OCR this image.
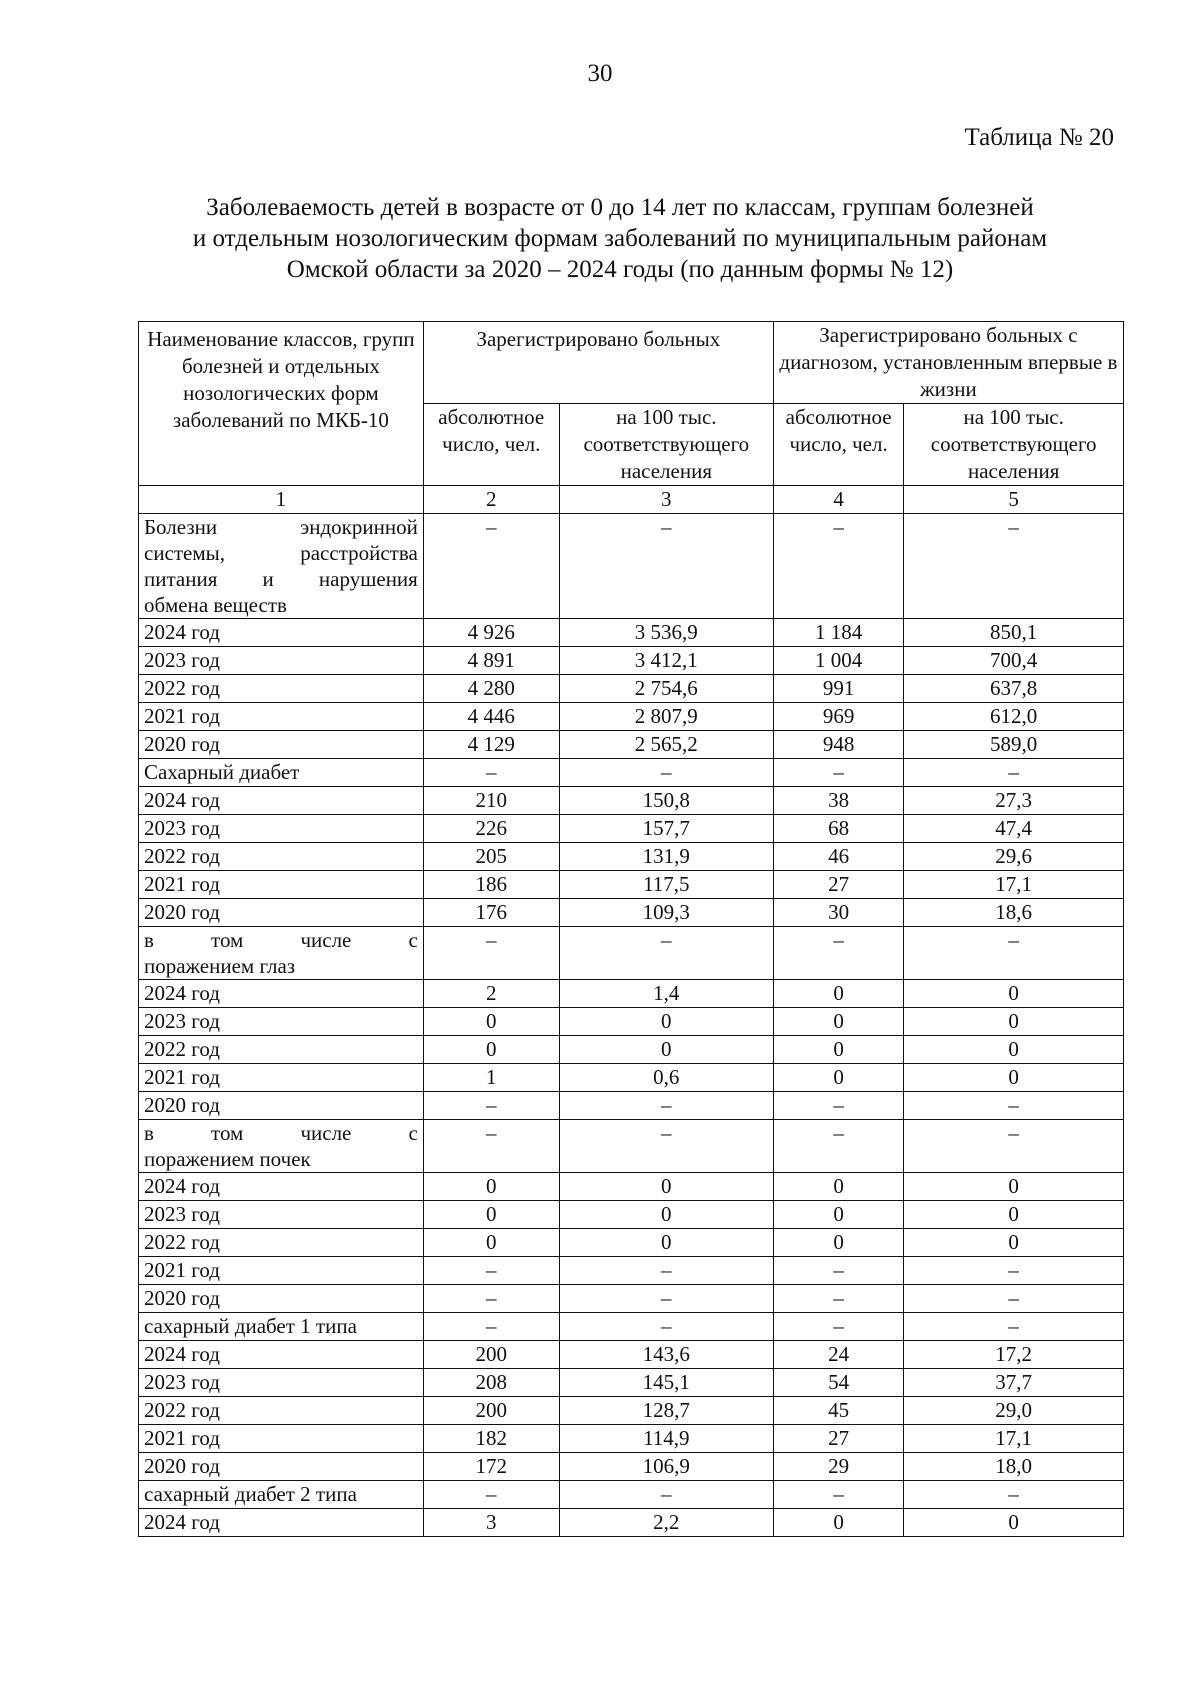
30
Таблица № 20
Заболеваемость детей в возрасте от 0 до 14 лет по классам, группам болезней
и отдельным нозологическим формам заболеваний по муниципальным районам
Омской области за 2020 – 2024 годы (по данным формы № 12)
Наименование классов, групп болезней и отдельных нозологических форм заболеваний по МКБ-10	Зарегистрировано больных		Зарегистрировано больных с диагнозом, установленным впервые в жизни	
	абсолютное число, чел.	на 100 тыс. соответствующего населения	абсолютное число, чел.	на 100 тыс. соответствующего населения
1	2	3	4	5
Болезни эндокринной системы, расстройства питания и нарушения
обмена веществ	–	–	–	–
2024 год	4 926	3 536,9	1 184	850,1
2023 год	4 891	3 412,1	1 004	700,4
2022 год	4 280	2 754,6	991	637,8
2021 год	4 446	2 807,9	969	612,0
2020 год	4 129	2 565,2	948	589,0
Сахарный диабет	–	–	–	–
2024 год	210	150,8	38	27,3
2023 год	226	157,7	68	47,4
2022 год	205	131,9	46	29,6
2021 год	186	117,5	27	17,1
2020 год	176	109,3	30	18,6
в том числе с
поражением глаз	–	–	–	–
2024 год	2	1,4	0	0
2023 год	0	0	0	0
2022 год	0	0	0	0
2021 год	1	0,6	0	0
2020 год	–	–	–	–
в том числе с
поражением почек	–	–	–	–
2024 год	0	0	0	0
2023 год	0	0	0	0
2022 год	0	0	0	0
2021 год	–	–	–	–
2020 год	–	–	–	–
сахарный диабет 1 типа	–	–	–	–
2024 год	200	143,6	24	17,2
2023 год	208	145,1	54	37,7
2022 год	200	128,7	45	29,0
2021 год	182	114,9	27	17,1
2020 год	172	106,9	29	18,0
сахарный диабет 2 типа	–	–	–	–
2024 год	3	2,2	0	0
